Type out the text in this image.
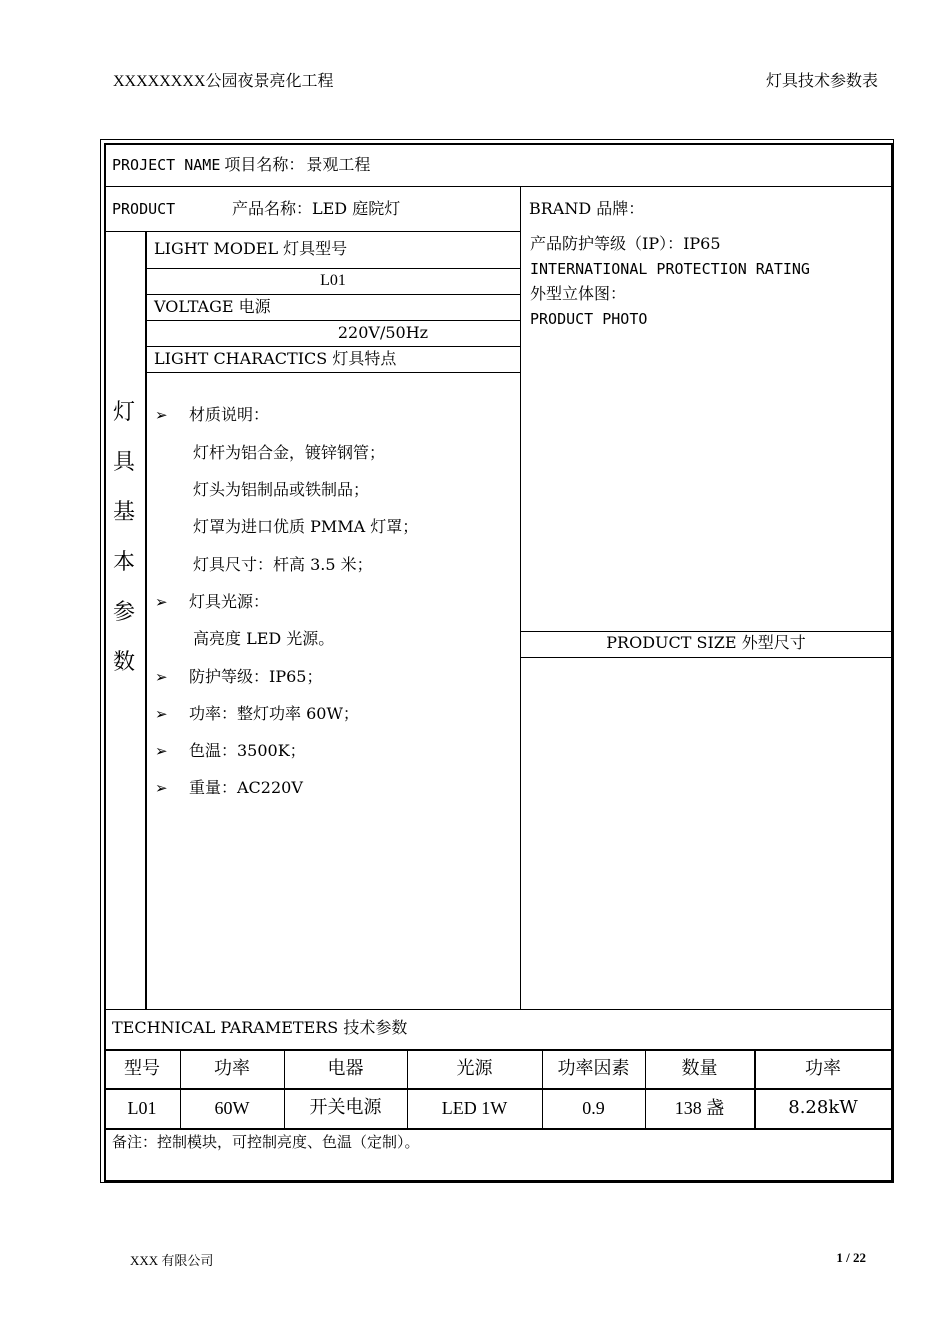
XXXXXXXX公园夜景亮化工程	灯具技术参数表
PROJECT NAME 项目名称： 景观工程
PRODUCT	产品名称：LED 庭院灯	BRAND 品牌：
灯
具
基
本
参
数
LIGHT MODEL 灯具型号
L01
VOLTAGE 电源
220V/50Hz
LIGHT CHARACTICS 灯具特点
产品防护等级（IP）：IP65
INTERNATIONAL PROTECTION RATING
外型立体图：
PRODUCT PHOTO
PRODUCT SIZE 外型尺寸
➢ 材质说明：
灯杆为铝合金，镀锌钢管；
灯头为铝制品或铁制品；
灯罩为进口优质 PMMA 灯罩；
灯具尺寸：杆高 3.5 米；
➢ 灯具光源：
高亮度 LED 光源。
➢ 防护等级：IP65；
➢ 功率：整灯功率 60W；
➢ 色温：3500K；
➢ 重量：AC220V
TECHNICAL PARAMETERS 技术参数
型号	功率	电器	光源	功率因素	数量	功率
L01	60W	开关电源	LED 1W	0.9	138 盏	8.28kW
备注：控制模块，可控制亮度、色温（定制）。
XXX 有限公司	1 / 22
